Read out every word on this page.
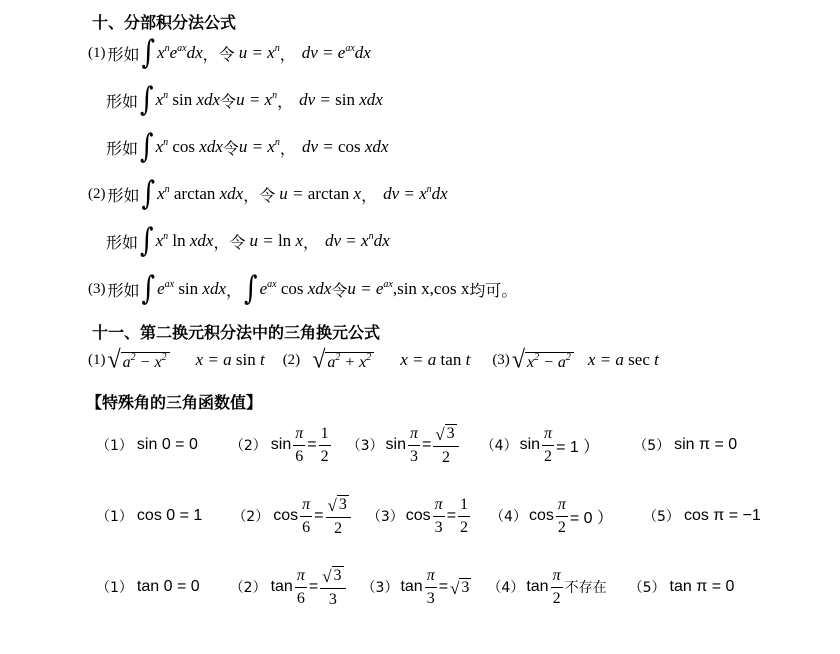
十、分部积分法公式
(1) 形如 ∫ $x^ne^{ax}dx$ ， 令 $u = x^n$ ， dv = $e^{ax}dx$
形如 ∫ $x^n$ sin xdx 令 $u = x^n$ ， dv = sin xdx
形如 ∫ $x^n$ cos xdx 令 $u = x^n$ ， dv = cos xdx
(2) 形如 ∫ $x^n$ arctan xdx ， 令 u = arctan x ， dv = $x^ndx$
形如 ∫ $x^n$ ln xdx ， 令 u = ln x ， dv = $x^ndx$
(3) 形如 ∫ $e^{ax}$ sin xdx ， ∫ $e^{ax}$ cos xdx 令 $u = e^{ax}$ ,sin x,cos x 均可。
十一、第二换元积分法中的三角换元公式
(1) √ $a^2 - x^2$ x = a sin t (2) √ $a^2 + x^2$ x = a tan t (3) √ $x^2 - a^2$ x = a sec t
【特殊角的三角函数值】
（1） sin 0 = 0 （2） $\sin \frac{\pi}{6} = \frac{1}{2} (3)$ $\sin \frac{\pi}{3} = \frac{√ 3}{2} (4)$ $\sin \frac{\pi}{2} = 1$ ） （5） sin π = 0
（1） cos 0 = 1 （2） $\cos \frac{\pi}{6} = \frac{√ 3}{2} (3)$ $\cos \frac{\pi}{3} = \frac{1}{2} (4)$ $\cos \frac{\pi}{2} = 0$ ） （5） cos π = −1
（1） tan 0 = 0 （2） $\tan \frac{\pi}{6} = \frac{√ 3}{3} (3)$ $\tan \frac{\pi}{3}$ = √ 3 （4） $\tan \frac{\pi}{2}$ 不存在 （5） tan π = 0
